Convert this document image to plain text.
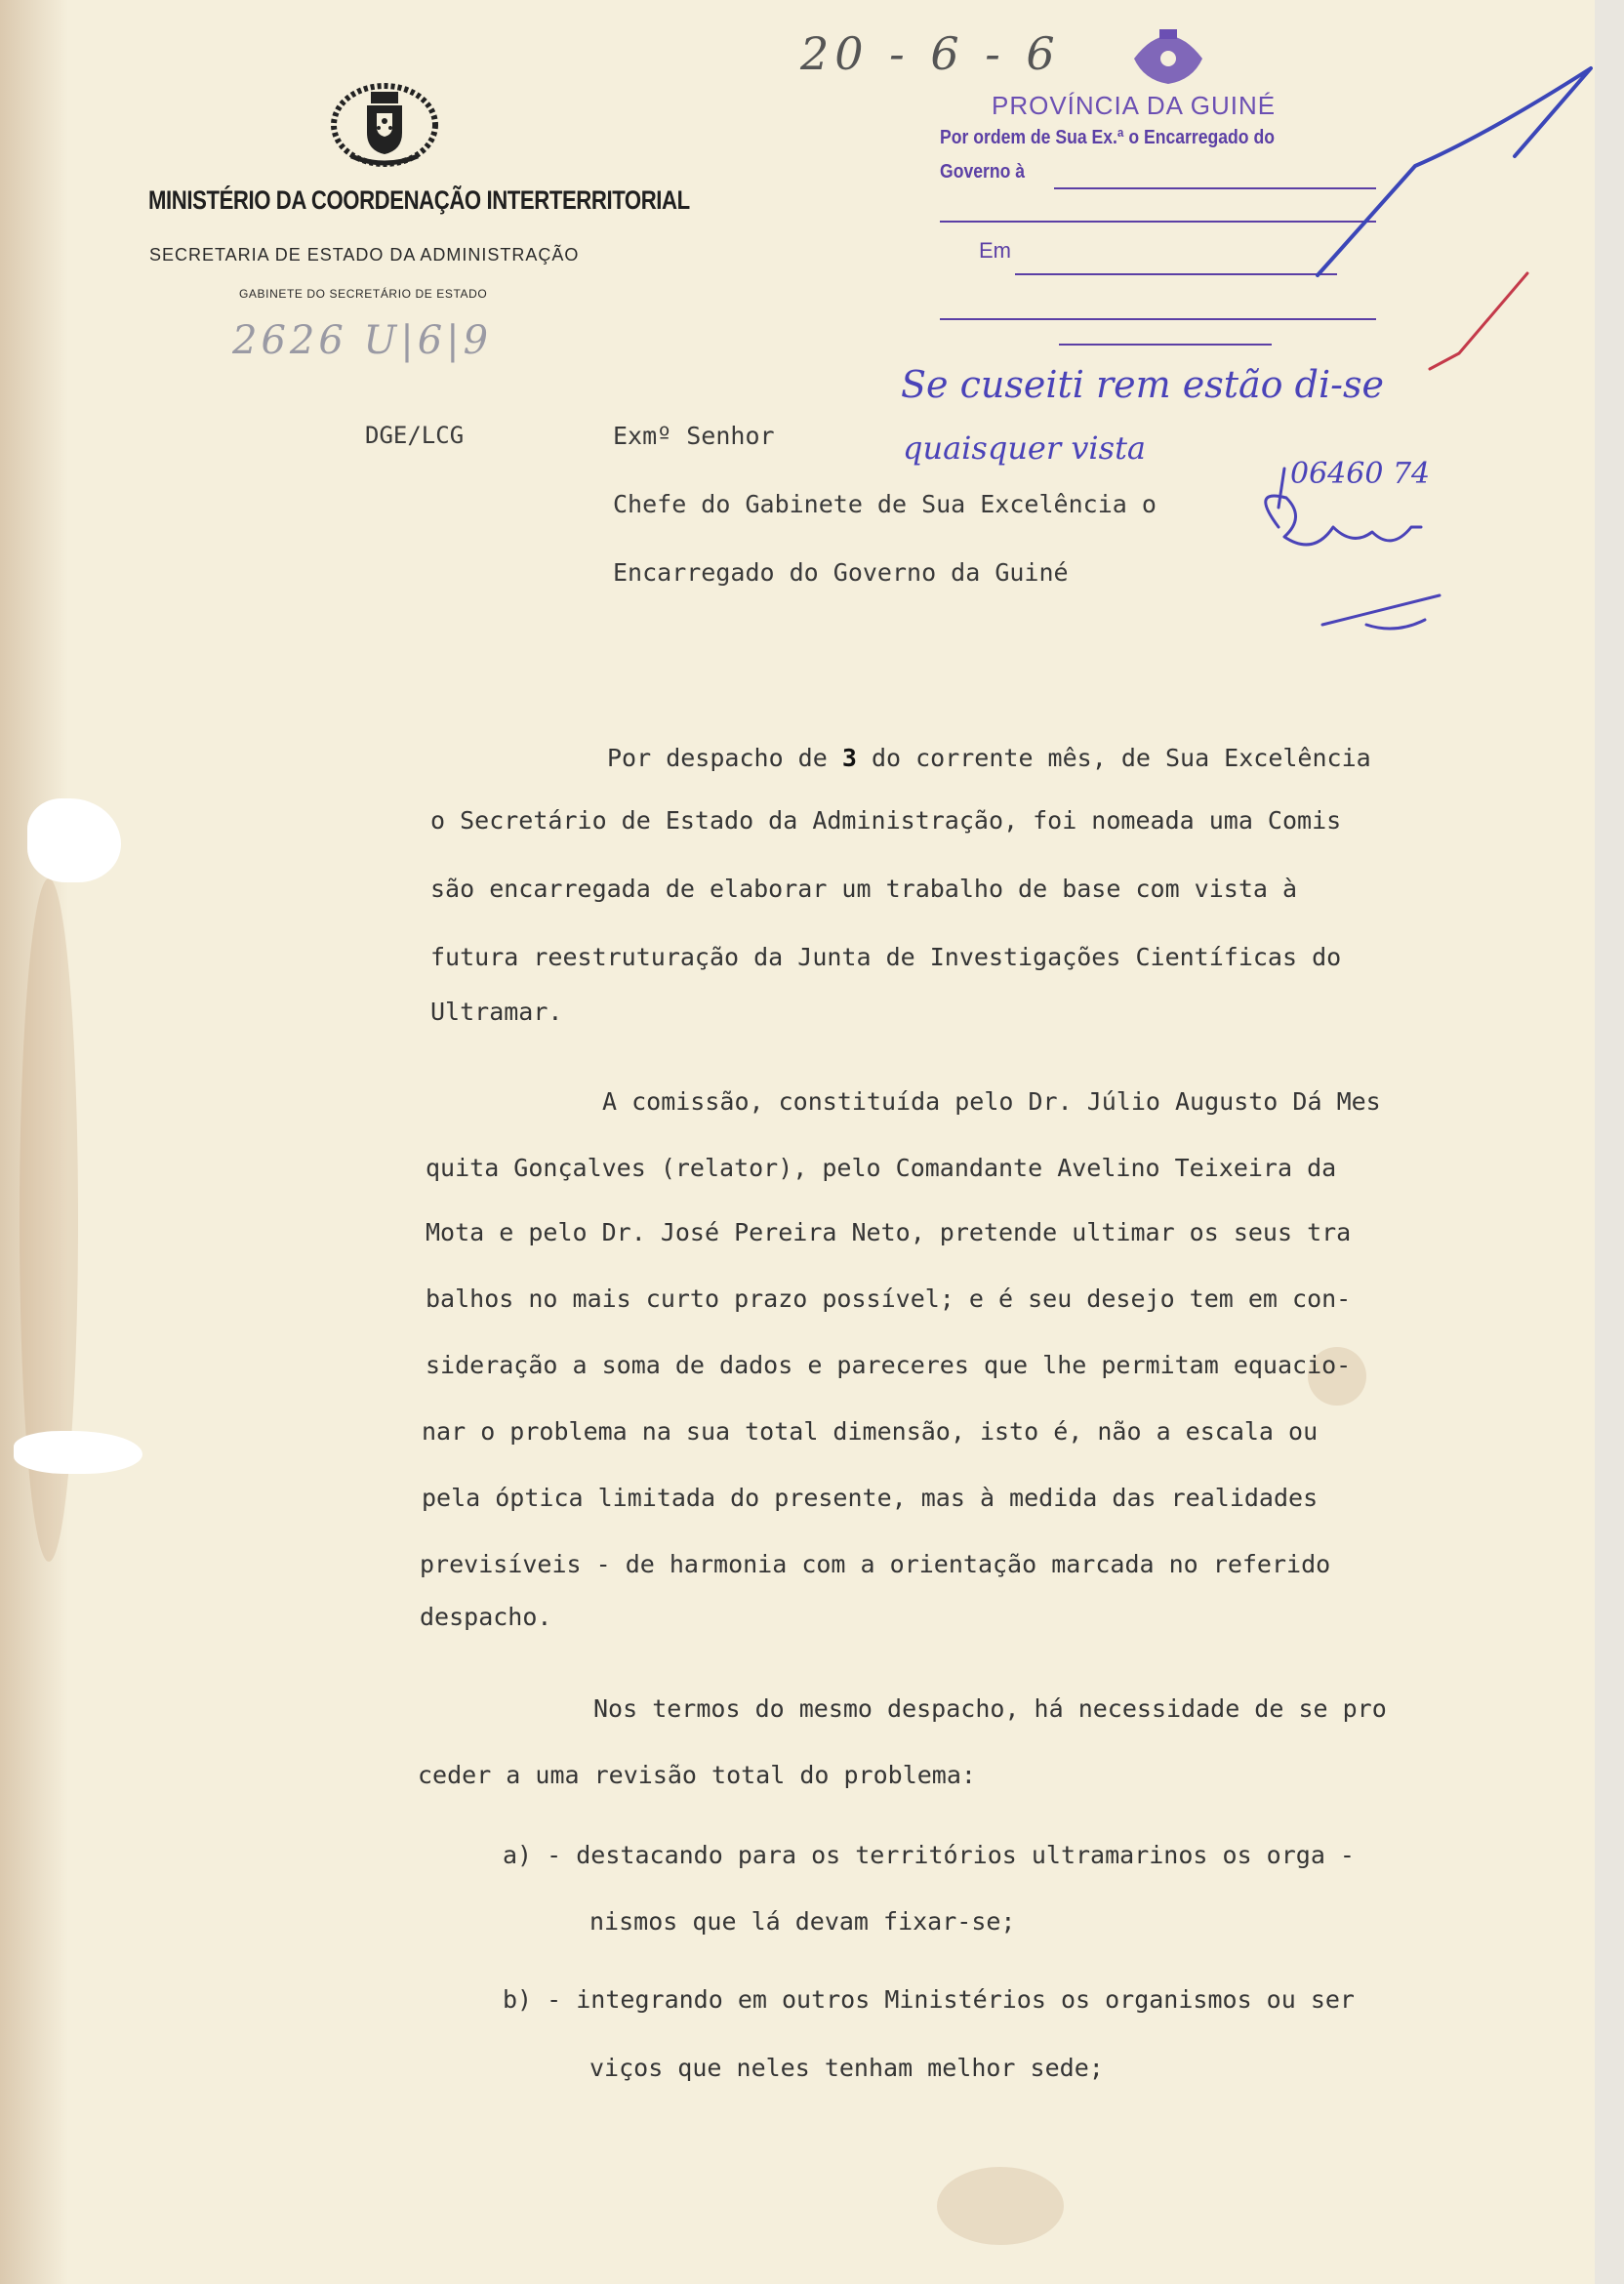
MINISTÉRIO DA COORDENAÇÃO INTERTERRITORIAL
SECRETARIA DE ESTADO DA ADMINISTRAÇÃO
GABINETE DO SECRETÁRIO DE ESTADO
2626 U|6|9
20 - 6 - 6
PROVÍNCIA DA GUINÉ
Por ordem de Sua Ex.ª o Encarregado do
Governo à
Em
Se cuseiti rem estão di-se
quaisquer vista
06460 74
DGE/LCG	Exmº Senhor
Chefe do Gabinete de Sua Excelência o
Encarregado do Governo da Guiné
Por despacho de 3 do corrente mês, de Sua Excelência
o Secretário de Estado da Administração, foi nomeada uma Comis
são encarregada de elaborar um trabalho de base com vista à
futura reestruturação da Junta de Investigações Científicas do
Ultramar.
A comissão, constituída pelo Dr. Júlio Augusto Dá Mes
quita Gonçalves (relator), pelo Comandante Avelino Teixeira da
Mota e pelo Dr. José Pereira Neto, pretende ultimar os seus tra
balhos no mais curto prazo possível; e é seu desejo tem em con-
sideração a soma de dados e pareceres que lhe permitam equacio-
nar o problema na sua total dimensão, isto é, não a escala ou
pela óptica limitada do presente, mas à medida das realidades
previsíveis - de harmonia com a orientação marcada no referido
despacho.
Nos termos do mesmo despacho, há necessidade de se pro
ceder a uma revisão total do problema:
a) - destacando para os territórios ultramarinos os orga -
nismos que lá devam fixar-se;
b) - integrando em outros Ministérios os organismos ou ser
viços que neles tenham melhor sede;
